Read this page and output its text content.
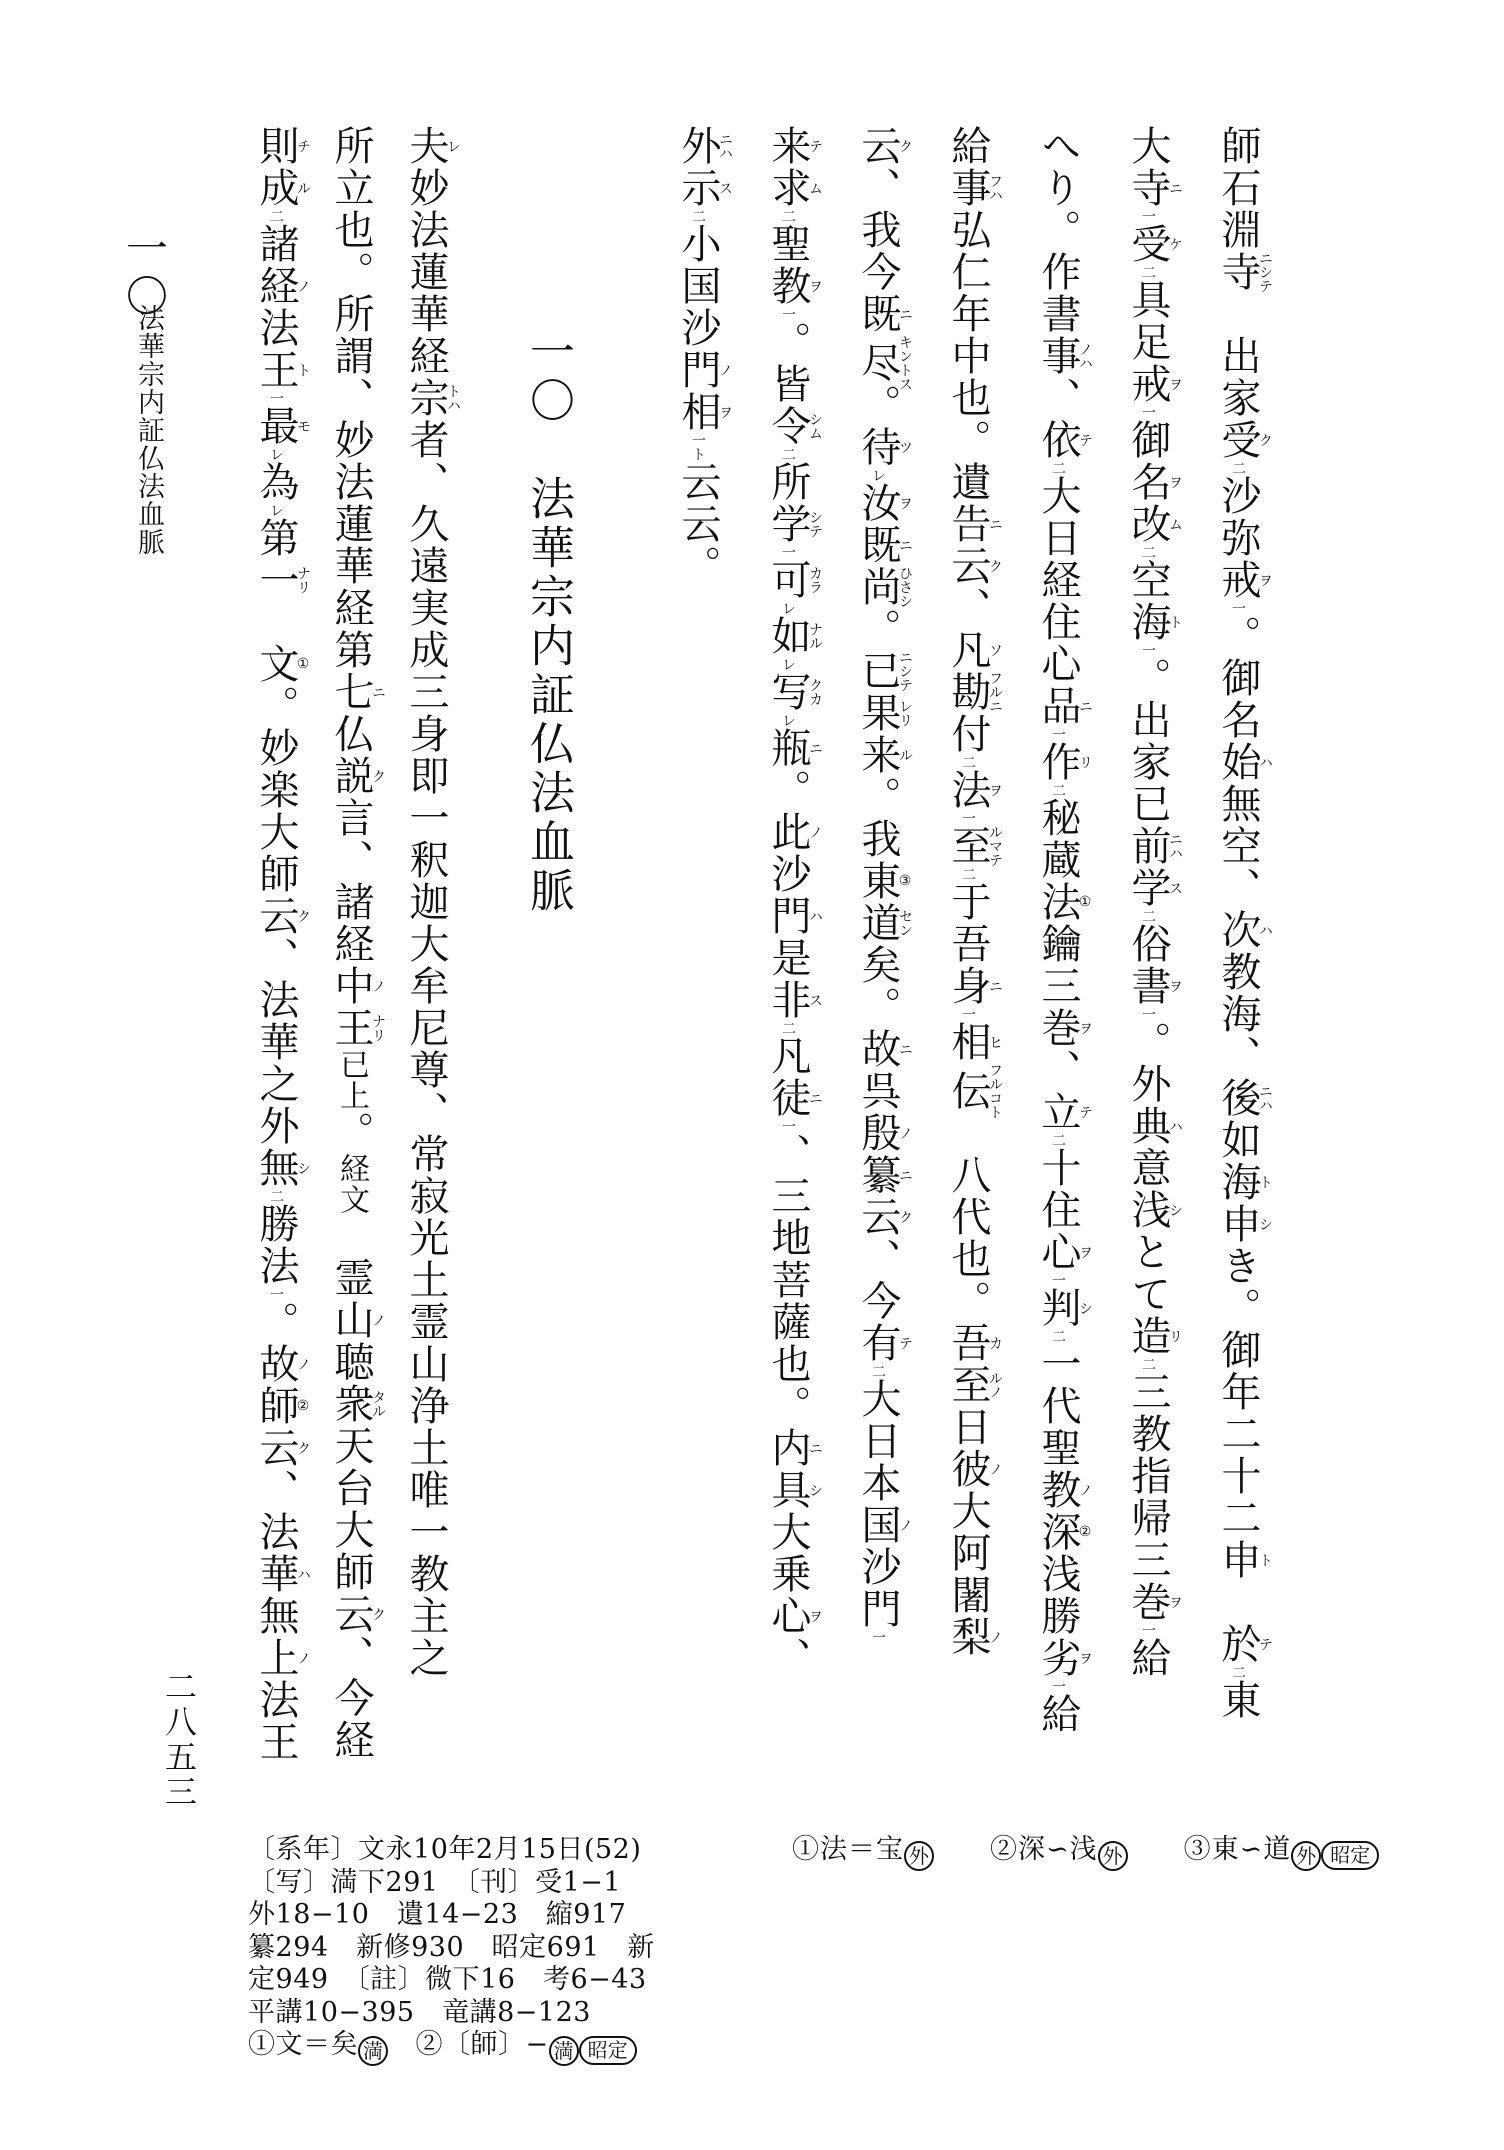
師石淵寺ニシテ　出家受ク二沙弥戒ヲ一。御名始ハ無空、次ハ教海、後ニハ如海ト申シき。御年二十二申ト　於テ二東
大寺ニ一受ケ二具足戒ヲ一御名ヲ改ム二空海ト一。出家已前ニハ学ス二俗書ヲ一。外典ハ意浅シとて造リ二三教指帰三巻ヲ一給
へり。作書事ノハ、依テ二大日経住心品ニ一作リ二秘蔵法①鑰三巻ヲ、立テ二十住心ヲ一判シ二一代聖教ノ深②浅勝劣ヲ一給
給事フハ弘仁年中也。遺告ニ云ク、凡ソ勘フルニ付二法ヲ一至ルマテ二于吾身ニ一相ヒ伝フルコト　八代也。吾カ至ルノ日彼ノ大阿闍梨ノ
云ク、我今既ニ尽キントス。待ツレ汝ヲ既ニ尚ひさシ。已ニシテ果レリ来ル。我東③道セン矣。故ニ呉殷ノ纂ニ云ク、今有テ二大日本国ノ沙門一
来テ求ム二聖教ヲ一。皆令シム二所学シテ一可カラレ如ナルレ写クカレ瓶ニ。此ノ沙門ハ是非ス二凡徒ニ一、三地菩薩也。内ニ具シ大乗心ヲ、
外ニハ示ス二小国沙門ノ相ヲ一ト云云。
一〇　法華宗内証仏法血脈
夫レ妙法蓮華経宗トハ者、久遠実成三身即一釈迦大牟尼尊、常寂光土霊山浄土唯一教主之
所立也。所謂、妙法蓮華経第七ニ仏説ク言、諸経中ノ王ナリ已上。経文　霊山ノ聴衆タル天台大師云ク、今経
則チ成ル二諸経ノ法王ト一最モレ為レ第一ナリ　文①。妙楽大師云ク、法華之外無シ二勝法一。故ノ師②云ク、法華ハ無上ノ法王
一〇
法華宗内証仏法血脈
二八五三
①法＝宝 外　　 ②深∽浅 外　　 ③東∽道 外 昭定
〔系年〕文永10年2月15日(52)
〔写〕満下291　 〔刊〕受1−1
外18−10　 遺14−23　 縮917
纂294　 新修930　 昭定691　 新
定949　 〔註〕微下16　 考6−43
平講10−395　 竜講8−123
①文＝矣 満　 ②〔師〕− 満 昭定
